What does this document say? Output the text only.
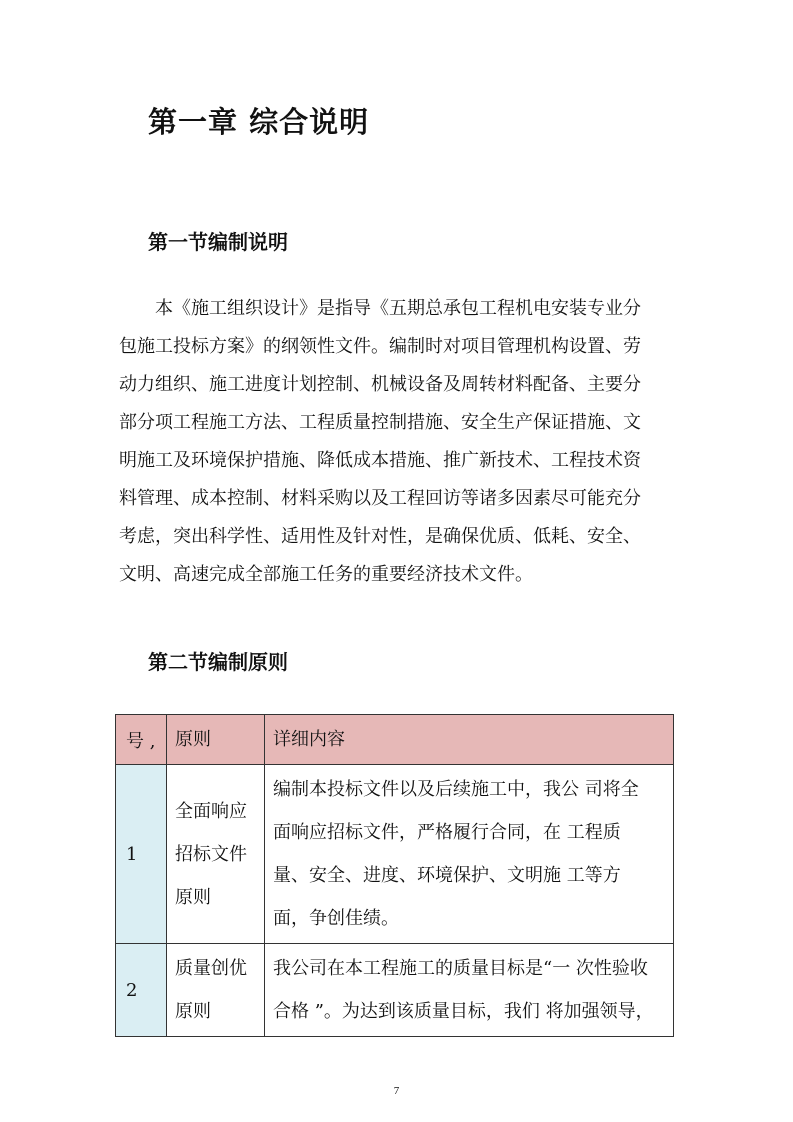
第一章 综合说明
第一节编制说明
本《施工组织设计》是指导《五期总承包工程机电安装专业分
包施工投标方案》的纲领性文件。编制时对项目管理机构设置、劳
动力组织、施工进度计划控制、机械设备及周转材料配备、主要分
部分项工程施工方法、工程质量控制措施、安全生产保证措施、文
明施工及环境保护措施、降低成本措施、推广新技术、工程技术资
料管理、成本控制、材料采购以及工程回访等诸多因素尽可能充分
考虑，突出科学性、适用性及针对性，是确保优质、低耗、安全、
文明、高速完成全部施工任务的重要经济技术文件。
第二节编制原则
号 ,	原则	详细内容
1	全面响应
招标文件
原则	编制本投标文件以及后续施工中，我公 司将全
面响应招标文件，严格履行合同，在 工程质
量、安全、进度、环境保护、文明施 工等方
面，争创佳绩。

2	质量创优
原则	我公司在本工程施工的质量目标是“一 次性验收
合格 ”。为达到该质量目标，我们 将加强领导，
7
